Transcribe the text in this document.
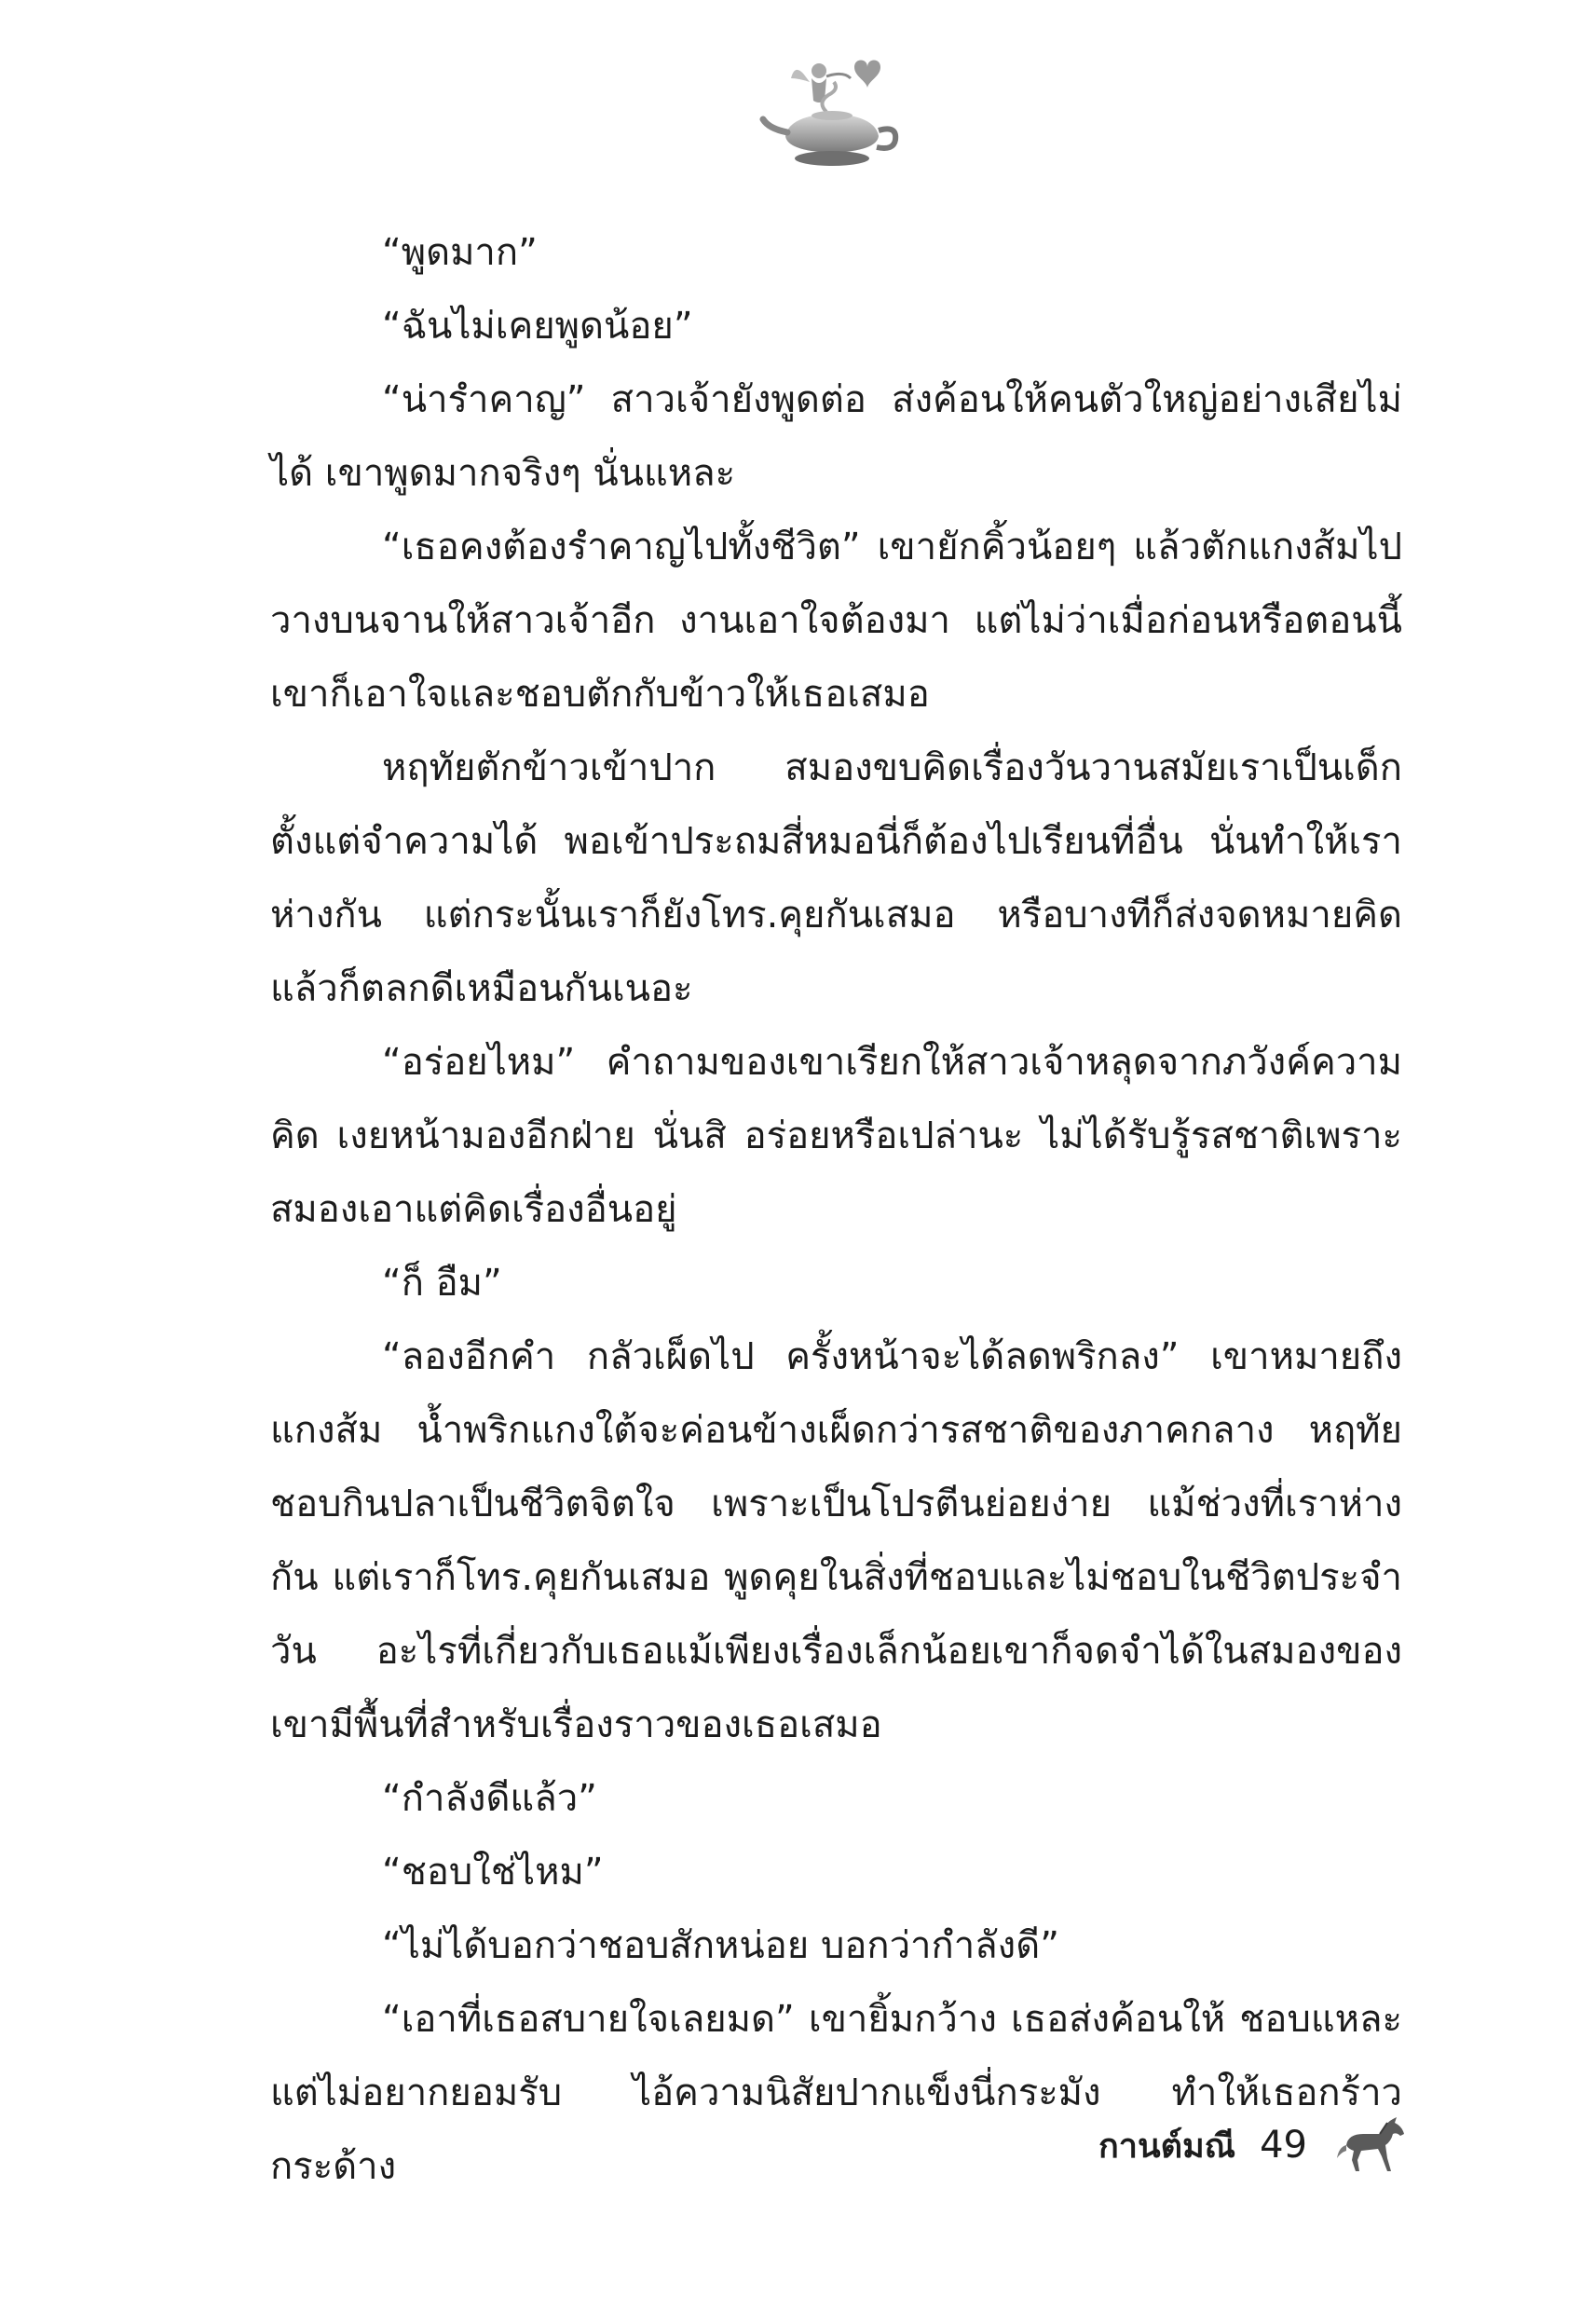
“พูดมาก”

“ฉันไม่เคยพูดน้อย”

“น่ารำคาญ” สาวเจ้ายังพูดต่อ ส่งค้อนให้คนตัวใหญ่อย่างเสียไม่ได้ เขาพูดมากจริงๆ นั่นแหละ

“เธอคงต้องรำคาญไปทั้งชีวิต” เขายักคิ้วน้อยๆ แล้วตักแกงส้มไปวางบนจานให้สาวเจ้าอีก งานเอาใจต้องมา แต่ไม่ว่าเมื่อก่อนหรือตอนนี้ เขาก็เอาใจและชอบตักกับข้าวให้เธอเสมอ

หฤทัยตักข้าวเข้าปาก สมองขบคิดเรื่องวันวานสมัยเราเป็นเด็กตั้งแต่จำความได้ พอเข้าประถมสี่หมอนี่ก็ต้องไปเรียนที่อื่น นั่นทำให้เราห่างกัน แต่กระนั้นเราก็ยังโทร.คุยกันเสมอ หรือบางทีก็ส่งจดหมายคิดแล้วก็ตลกดีเหมือนกันเนอะ

“อร่อยไหม” คำถามของเขาเรียกให้สาวเจ้าหลุดจากภวังค์ความคิด เงยหน้ามองอีกฝ่าย นั่นสิ อร่อยหรือเปล่านะ ไม่ได้รับรู้รสชาติเพราะสมองเอาแต่คิดเรื่องอื่นอยู่

“ก็ อืม”

“ลองอีกคำ กลัวเผ็ดไป ครั้งหน้าจะได้ลดพริกลง” เขาหมายถึงแกงส้ม น้ำพริกแกงใต้จะค่อนข้างเผ็ดกว่ารสชาติของภาคกลาง หฤทัยชอบกินปลาเป็นชีวิตจิตใจ เพราะเป็นโปรตีนย่อยง่าย แม้ช่วงที่เราห่างกัน แต่เราก็โทร.คุยกันเสมอ พูดคุยในสิ่งที่ชอบและไม่ชอบในชีวิตประจำวัน อะไรที่เกี่ยวกับเธอแม้เพียงเรื่องเล็กน้อยเขาก็จดจำได้ในสมองของเขามีพื้นที่สำหรับเรื่องราวของเธอเสมอ

“กำลังดีแล้ว”

“ชอบใช่ไหม”

“ไม่ได้บอกว่าชอบสักหน่อย บอกว่ากำลังดี”

“เอาที่เธอสบายใจเลยมด” เขายิ้มกว้าง เธอส่งค้อนให้ ชอบแหละแต่ไม่อยากยอมรับ ไอ้ความนิสัยปากแข็งนี่กระมัง ทำให้เธอกร้าวกระด้าง	กานต์มณี 49
